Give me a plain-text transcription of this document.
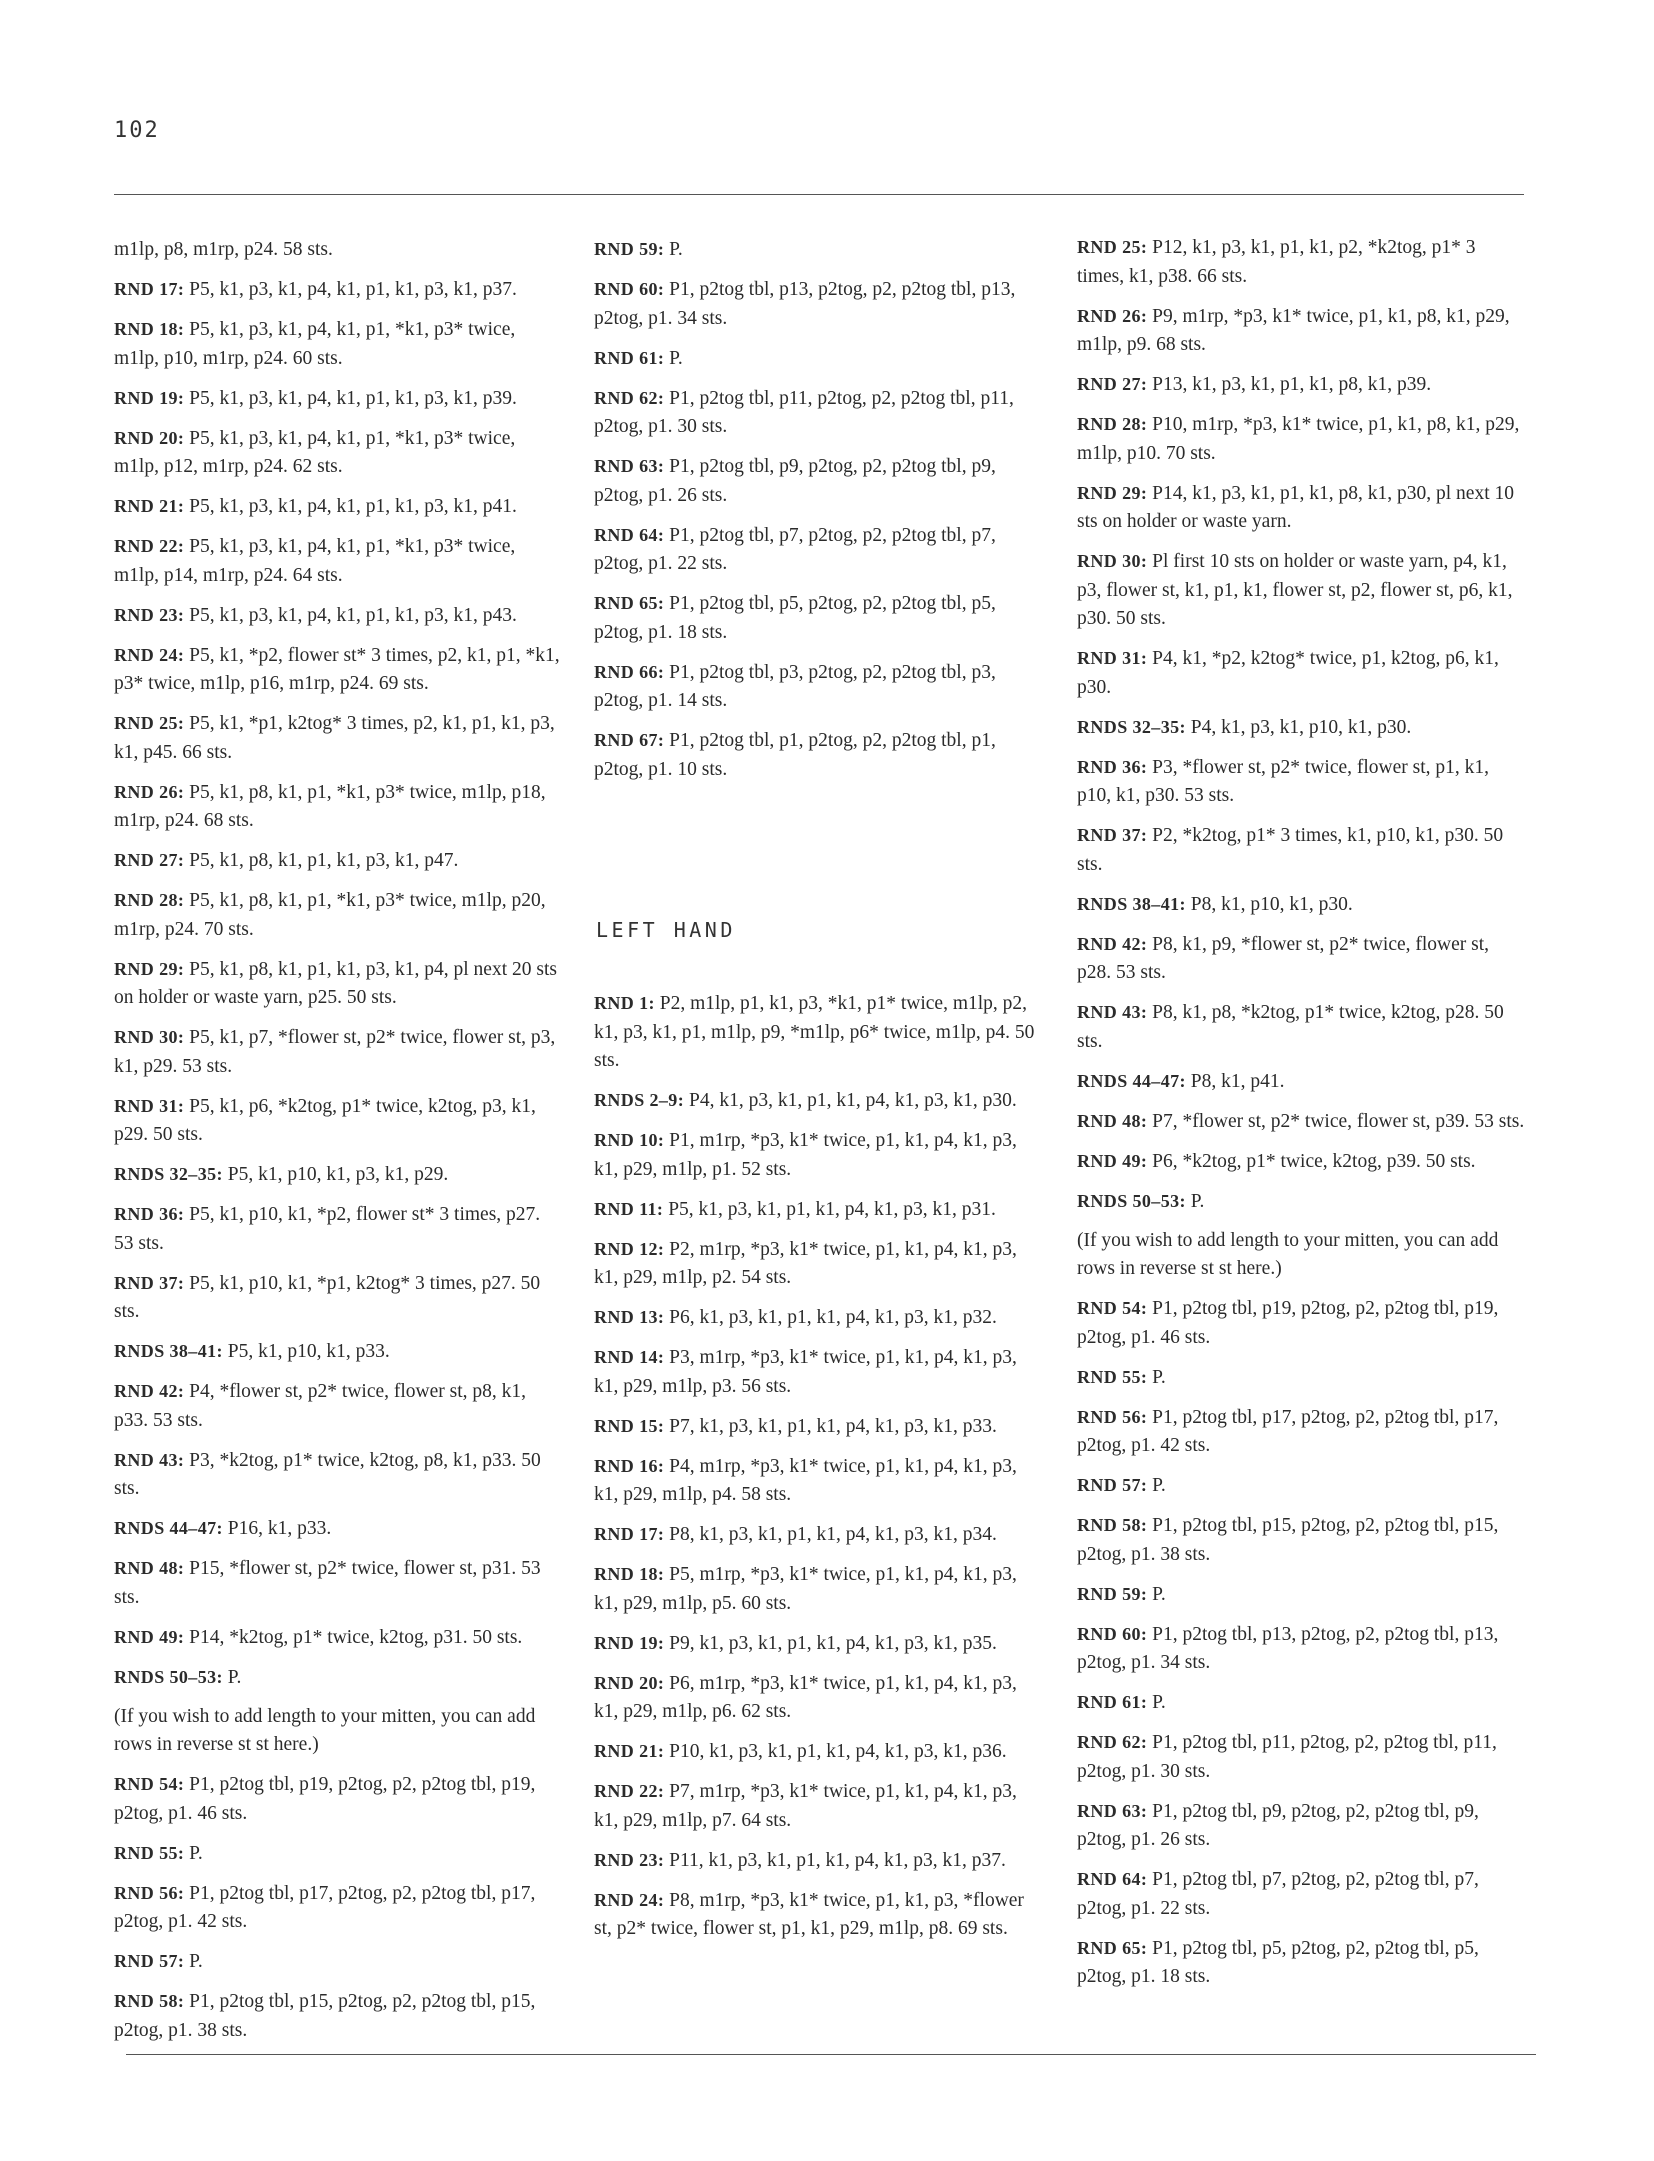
102

m1lp, p8, m1rp, p24. 58 sts.

RND 17: P5, k1, p3, k1, p4, k1, p1, k1, p3, k1, p37.

RND 18: P5, k1, p3, k1, p4, k1, p1, *k1, p3* twice, m1lp, p10, m1rp, p24. 60 sts.

RND 19: P5, k1, p3, k1, p4, k1, p1, k1, p3, k1, p39.

RND 20: P5, k1, p3, k1, p4, k1, p1, *k1, p3* twice, m1lp, p12, m1rp, p24. 62 sts.

RND 21: P5, k1, p3, k1, p4, k1, p1, k1, p3, k1, p41.

RND 22: P5, k1, p3, k1, p4, k1, p1, *k1, p3* twice, m1lp, p14, m1rp, p24. 64 sts.

RND 23: P5, k1, p3, k1, p4, k1, p1, k1, p3, k1, p43.

RND 24: P5, k1, *p2, flower st* 3 times, p2, k1, p1, *k1, p3* twice, m1lp, p16, m1rp, p24. 69 sts.

RND 25: P5, k1, *p1, k2tog* 3 times, p2, k1, p1, k1, p3, k1, p45. 66 sts.

RND 26: P5, k1, p8, k1, p1, *k1, p3* twice, m1lp, p18, m1rp, p24. 68 sts.

RND 27: P5, k1, p8, k1, p1, k1, p3, k1, p47.

RND 28: P5, k1, p8, k1, p1, *k1, p3* twice, m1lp, p20, m1rp, p24. 70 sts.

RND 29: P5, k1, p8, k1, p1, k1, p3, k1, p4, pl next 20 sts on holder or waste yarn, p25. 50 sts.

RND 30: P5, k1, p7, *flower st, p2* twice, flower st, p3, k1, p29. 53 sts.

RND 31: P5, k1, p6, *k2tog, p1* twice, k2tog, p3, k1, p29. 50 sts.

RNDS 32–35: P5, k1, p10, k1, p3, k1, p29.

RND 36: P5, k1, p10, k1, *p2, flower st* 3 times, p27. 53 sts.

RND 37: P5, k1, p10, k1, *p1, k2tog* 3 times, p27. 50 sts.

RNDS 38–41: P5, k1, p10, k1, p33.

RND 42: P4, *flower st, p2* twice, flower st, p8, k1, p33. 53 sts.

RND 43: P3, *k2tog, p1* twice, k2tog, p8, k1, p33. 50 sts.

RNDS 44–47: P16, k1, p33.

RND 48: P15, *flower st, p2* twice, flower st, p31. 53 sts.

RND 49: P14, *k2tog, p1* twice, k2tog, p31. 50 sts.

RNDS 50–53: P.

(If you wish to add length to your mitten, you can add rows in reverse st st here.)

RND 54: P1, p2tog tbl, p19, p2tog, p2, p2tog tbl, p19, p2tog, p1. 46 sts.

RND 55: P.

RND 56: P1, p2tog tbl, p17, p2tog, p2, p2tog tbl, p17, p2tog, p1. 42 sts.

RND 57: P.

RND 58: P1, p2tog tbl, p15, p2tog, p2, p2tog tbl, p15, p2tog, p1. 38 sts.

RND 59: P.

RND 60: P1, p2tog tbl, p13, p2tog, p2, p2tog tbl, p13, p2tog, p1. 34 sts.

RND 61: P.

RND 62: P1, p2tog tbl, p11, p2tog, p2, p2tog tbl, p11, p2tog, p1. 30 sts.

RND 63: P1, p2tog tbl, p9, p2tog, p2, p2tog tbl, p9, p2tog, p1. 26 sts.

RND 64: P1, p2tog tbl, p7, p2tog, p2, p2tog tbl, p7, p2tog, p1. 22 sts.

RND 65: P1, p2tog tbl, p5, p2tog, p2, p2tog tbl, p5, p2tog, p1. 18 sts.

RND 66: P1, p2tog tbl, p3, p2tog, p2, p2tog tbl, p3, p2tog, p1. 14 sts.

RND 67: P1, p2tog tbl, p1, p2tog, p2, p2tog tbl, p1, p2tog, p1. 10 sts.

LEFT HAND

RND 1: P2, m1lp, p1, k1, p3, *k1, p1* twice, m1lp, p2, k1, p3, k1, p1, m1lp, p9, *m1lp, p6* twice, m1lp, p4. 50 sts.

RNDS 2–9: P4, k1, p3, k1, p1, k1, p4, k1, p3, k1, p30.

RND 10: P1, m1rp, *p3, k1* twice, p1, k1, p4, k1, p3, k1, p29, m1lp, p1. 52 sts.

RND 11: P5, k1, p3, k1, p1, k1, p4, k1, p3, k1, p31.

RND 12: P2, m1rp, *p3, k1* twice, p1, k1, p4, k1, p3, k1, p29, m1lp, p2. 54 sts.

RND 13: P6, k1, p3, k1, p1, k1, p4, k1, p3, k1, p32.

RND 14: P3, m1rp, *p3, k1* twice, p1, k1, p4, k1, p3, k1, p29, m1lp, p3. 56 sts.

RND 15: P7, k1, p3, k1, p1, k1, p4, k1, p3, k1, p33.

RND 16: P4, m1rp, *p3, k1* twice, p1, k1, p4, k1, p3, k1, p29, m1lp, p4. 58 sts.

RND 17: P8, k1, p3, k1, p1, k1, p4, k1, p3, k1, p34.

RND 18: P5, m1rp, *p3, k1* twice, p1, k1, p4, k1, p3, k1, p29, m1lp, p5. 60 sts.

RND 19: P9, k1, p3, k1, p1, k1, p4, k1, p3, k1, p35.

RND 20: P6, m1rp, *p3, k1* twice, p1, k1, p4, k1, p3, k1, p29, m1lp, p6. 62 sts.

RND 21: P10, k1, p3, k1, p1, k1, p4, k1, p3, k1, p36.

RND 22: P7, m1rp, *p3, k1* twice, p1, k1, p4, k1, p3, k1, p29, m1lp, p7. 64 sts.

RND 23: P11, k1, p3, k1, p1, k1, p4, k1, p3, k1, p37.

RND 24: P8, m1rp, *p3, k1* twice, p1, k1, p3, *flower st, p2* twice, flower st, p1, k1, p29, m1lp, p8. 69 sts.

RND 25: P12, k1, p3, k1, p1, k1, p2, *k2tog, p1* 3 times, k1, p38. 66 sts.

RND 26: P9, m1rp, *p3, k1* twice, p1, k1, p8, k1, p29, m1lp, p9. 68 sts.

RND 27: P13, k1, p3, k1, p1, k1, p8, k1, p39.

RND 28: P10, m1rp, *p3, k1* twice, p1, k1, p8, k1, p29, m1lp, p10. 70 sts.

RND 29: P14, k1, p3, k1, p1, k1, p8, k1, p30, pl next 10 sts on holder or waste yarn.

RND 30: Pl first 10 sts on holder or waste yarn, p4, k1, p3, flower st, k1, p1, k1, flower st, p2, flower st, p6, k1, p30. 50 sts.

RND 31: P4, k1, *p2, k2tog* twice, p1, k2tog, p6, k1, p30.

RNDS 32–35: P4, k1, p3, k1, p10, k1, p30.

RND 36: P3, *flower st, p2* twice, flower st, p1, k1, p10, k1, p30. 53 sts.

RND 37: P2, *k2tog, p1* 3 times, k1, p10, k1, p30. 50 sts.

RNDS 38–41: P8, k1, p10, k1, p30.

RND 42: P8, k1, p9, *flower st, p2* twice, flower st, p28. 53 sts.

RND 43: P8, k1, p8, *k2tog, p1* twice, k2tog, p28. 50 sts.

RNDS 44–47: P8, k1, p41.

RND 48: P7, *flower st, p2* twice, flower st, p39. 53 sts.

RND 49: P6, *k2tog, p1* twice, k2tog, p39. 50 sts.

RNDS 50–53: P.

(If you wish to add length to your mitten, you can add rows in reverse st st here.)

RND 54: P1, p2tog tbl, p19, p2tog, p2, p2tog tbl, p19, p2tog, p1. 46 sts.

RND 55: P.

RND 56: P1, p2tog tbl, p17, p2tog, p2, p2tog tbl, p17, p2tog, p1. 42 sts.

RND 57: P.

RND 58: P1, p2tog tbl, p15, p2tog, p2, p2tog tbl, p15, p2tog, p1. 38 sts.

RND 59: P.

RND 60: P1, p2tog tbl, p13, p2tog, p2, p2tog tbl, p13, p2tog, p1. 34 sts.

RND 61: P.

RND 62: P1, p2tog tbl, p11, p2tog, p2, p2tog tbl, p11, p2tog, p1. 30 sts.

RND 63: P1, p2tog tbl, p9, p2tog, p2, p2tog tbl, p9, p2tog, p1. 26 sts.

RND 64: P1, p2tog tbl, p7, p2tog, p2, p2tog tbl, p7, p2tog, p1. 22 sts.

RND 65: P1, p2tog tbl, p5, p2tog, p2, p2tog tbl, p5, p2tog, p1. 18 sts.
